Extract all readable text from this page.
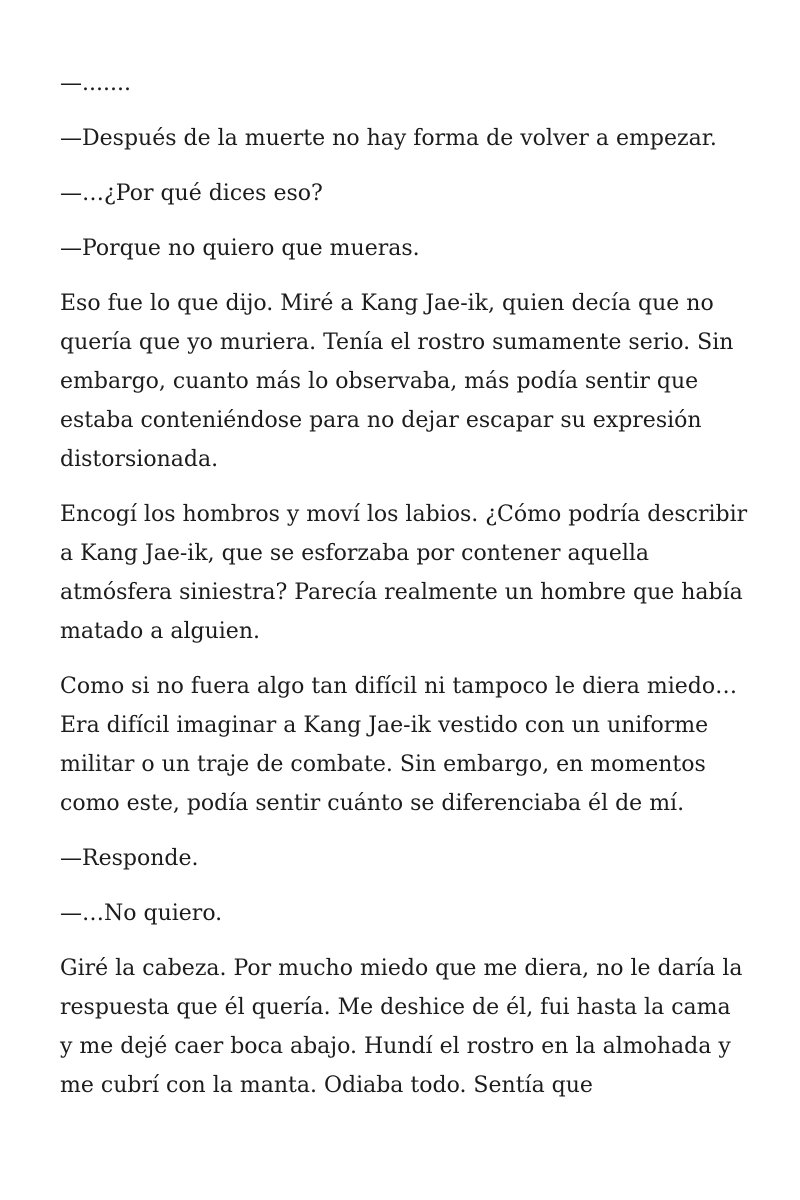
—.......

—Después de la muerte no hay forma de volver a empezar.

—…¿Por qué dices eso?

—Porque no quiero que mueras.

Eso fue lo que dijo. Miré a Kang Jae-ik, quien decía que no quería que yo muriera. Tenía el rostro sumamente serio. Sin embargo, cuanto más lo observaba, más podía sentir que estaba conteniéndose para no dejar escapar su expresión distorsionada.

Encogí los hombros y moví los labios. ¿Cómo podría describir a Kang Jae-ik, que se esforzaba por contener aquella atmósfera siniestra? Parecía realmente un hombre que había matado a alguien.

Como si no fuera algo tan difícil ni tampoco le diera miedo… Era difícil imaginar a Kang Jae-ik vestido con un uniforme militar o un traje de combate. Sin embargo, en momentos como este, podía sentir cuánto se diferenciaba él de mí.

—Responde.

—…No quiero.

Giré la cabeza. Por mucho miedo que me diera, no le daría la respuesta que él quería. Me deshice de él, fui hasta la cama y me dejé caer boca abajo. Hundí el rostro en la almohada y me cubrí con la manta. Odiaba todo. Sentía que
